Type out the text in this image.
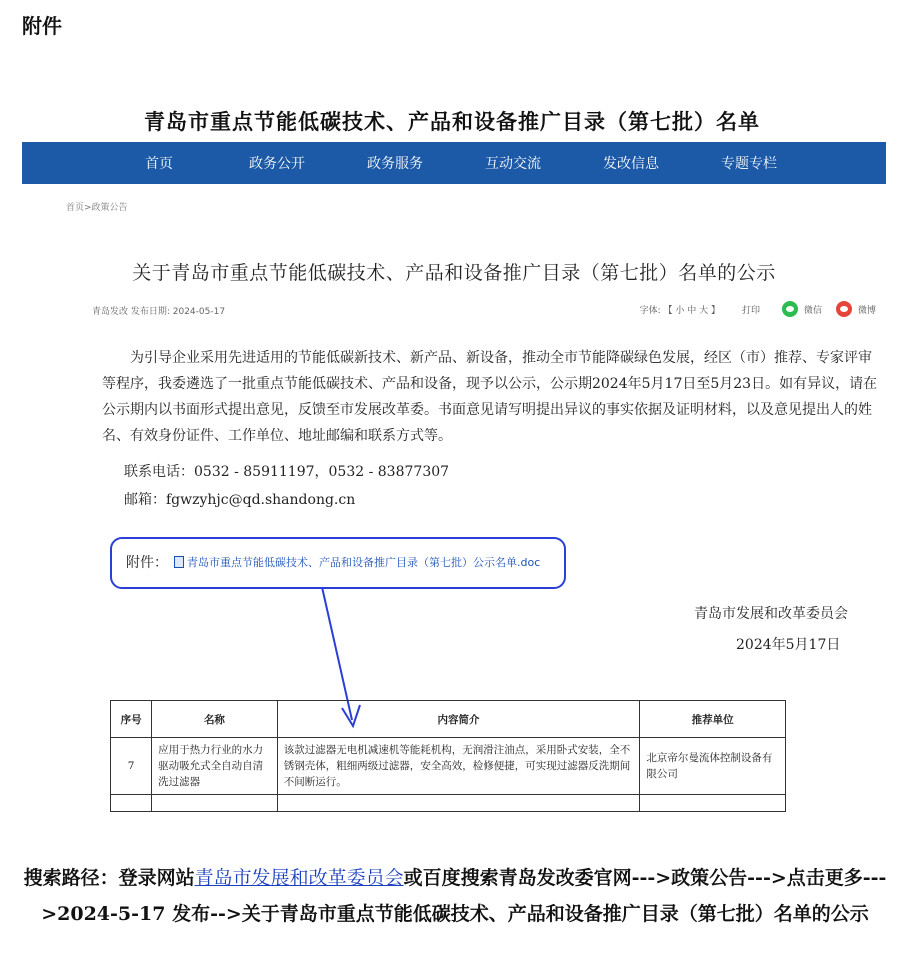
附件
青岛市重点节能低碳技术、产品和设备推广目录（第七批）名单
首页	政务公开	政务服务	互动交流	发改信息	专题专栏
首页>政策公告
关于青岛市重点节能低碳技术、产品和设备推广目录（第七批）名单的公示
青岛发改 发布日期: 2024-05-17	字体: 【 小 中 大 】 打印	微信	微博
为引导企业采用先进适用的节能低碳新技术、新产品、新设备，推动全市节能降碳绿色发展，经区（市）推荐、专家评审等程序，我委遴选了一批重点节能低碳技术、产品和设备，现予以公示，公示期2024年5月17日至5月23日。如有异议，请在公示期内以书面形式提出意见，反馈至市发展改革委。书面意见请写明提出异议的事实依据及证明材料，以及意见提出人的姓名、有效身份证件、工作单位、地址邮编和联系方式等。
联系电话：0532 - 85911197，0532 - 83877307
邮箱：fgwzyhjc@qd.shandong.cn
附件： 青岛市重点节能低碳技术、产品和设备推广目录（第七批）公示名单.doc
青岛市发展和改革委员会
2024年5月17日
序号	名称	内容简介	推荐单位
7	应用于热力行业的水力驱动吸允式全自动自清洗过滤器	该款过滤器无电机减速机等能耗机构，无润滑注油点，采用卧式安装，全不锈钢壳体，粗细两级过滤器，安全高效，检修便捷，可实现过滤器反洗期间不间断运行。	北京帝尔曼流体控制设备有限公司

搜索路径：登录网站青岛市发展和改革委员会或百度搜索青岛发改委官网--->政策公告--->点击更多--->2024-5-17 发布-->关于青岛市重点节能低碳技术、产品和设备推广目录（第七批）名单的公示
